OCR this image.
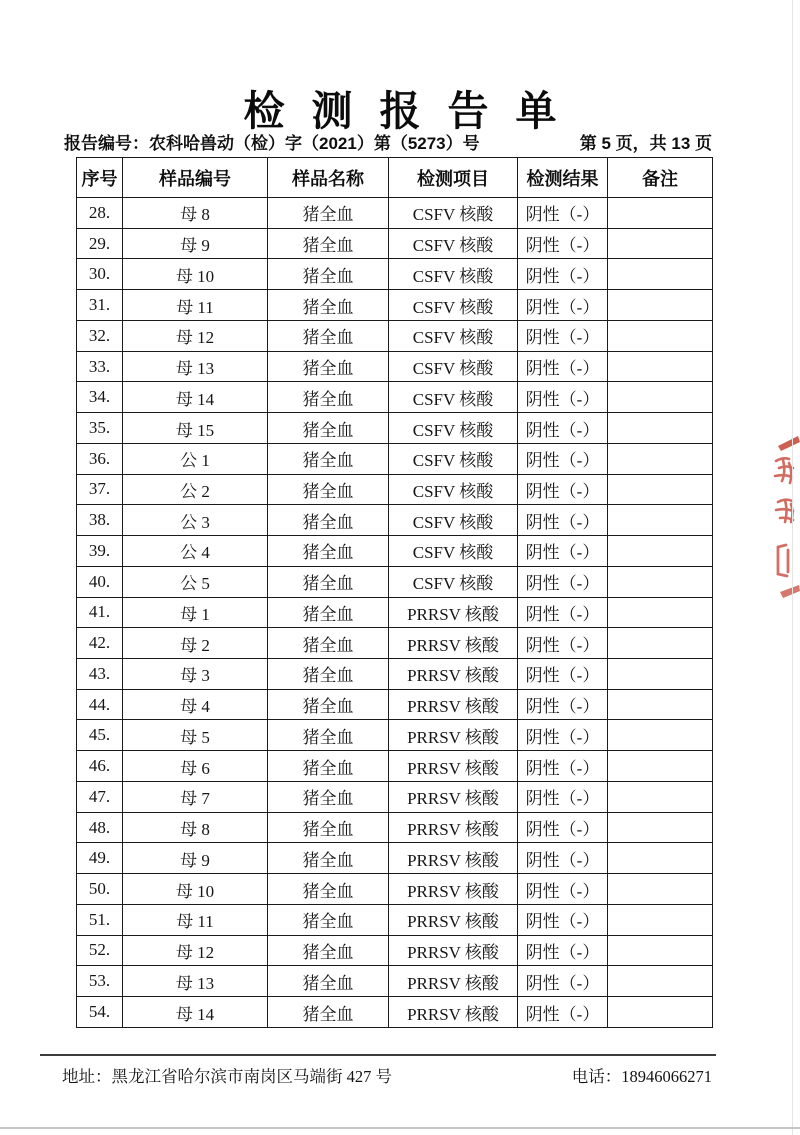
检测报告单
报告编号：农科哈兽动（检）字（2021）第（5273）号	第 5 页，共 13 页
序号	样品编号	样品名称	检测项目	检测结果	备注
28.	母 8	猪全血	CSFV 核酸	阴性（-）	
29.	母 9	猪全血	CSFV 核酸	阴性（-）	
30.	母 10	猪全血	CSFV 核酸	阴性（-）	
31.	母 11	猪全血	CSFV 核酸	阴性（-）	
32.	母 12	猪全血	CSFV 核酸	阴性（-）	
33.	母 13	猪全血	CSFV 核酸	阴性（-）	
34.	母 14	猪全血	CSFV 核酸	阴性（-）	
35.	母 15	猪全血	CSFV 核酸	阴性（-）	
36.	公 1	猪全血	CSFV 核酸	阴性（-）	
37.	公 2	猪全血	CSFV 核酸	阴性（-）	
38.	公 3	猪全血	CSFV 核酸	阴性（-）	
39.	公 4	猪全血	CSFV 核酸	阴性（-）	
40.	公 5	猪全血	CSFV 核酸	阴性（-）	
41.	母 1	猪全血	PRRSV 核酸	阴性（-）	
42.	母 2	猪全血	PRRSV 核酸	阴性（-）	
43.	母 3	猪全血	PRRSV 核酸	阴性（-）	
44.	母 4	猪全血	PRRSV 核酸	阴性（-）	
45.	母 5	猪全血	PRRSV 核酸	阴性（-）	
46.	母 6	猪全血	PRRSV 核酸	阴性（-）	
47.	母 7	猪全血	PRRSV 核酸	阴性（-）	
48.	母 8	猪全血	PRRSV 核酸	阴性（-）	
49.	母 9	猪全血	PRRSV 核酸	阴性（-）	
50.	母 10	猪全血	PRRSV 核酸	阴性（-）	
51.	母 11	猪全血	PRRSV 核酸	阴性（-）	
52.	母 12	猪全血	PRRSV 核酸	阴性（-）	
53.	母 13	猪全血	PRRSV 核酸	阴性（-）	
54.	母 14	猪全血	PRRSV 核酸	阴性（-）	
地址：黑龙江省哈尔滨市南岗区马端街 427 号	电话：18946066271
